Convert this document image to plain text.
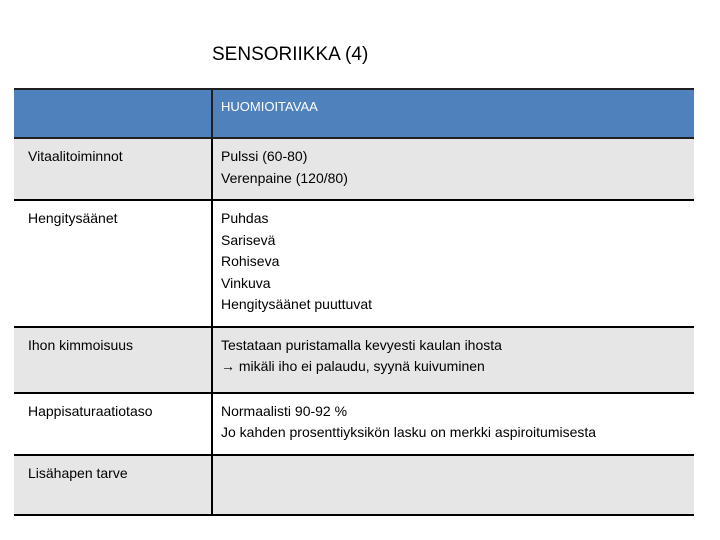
SENSORIIKKA (4)
	HUOMIOITAVAA
Vitaalitoiminnot	Pulssi (60-80)
Verenpaine (120/80)

Hengitysäänet	Puhdas
Sarisevä
Rohiseva
Vinkuva
Hengitysäänet puuttuvat

Ihon kimmoisuus	Testataan puristamalla kevyesti kaulan ihosta
→ mikäli iho ei palaudu, syynä kuivuminen

Happisaturaatiotaso	Normaalisti 90-92 %
Jo kahden prosenttiyksikön lasku on merkki aspiroitumisesta

Lisähapen tarve	
